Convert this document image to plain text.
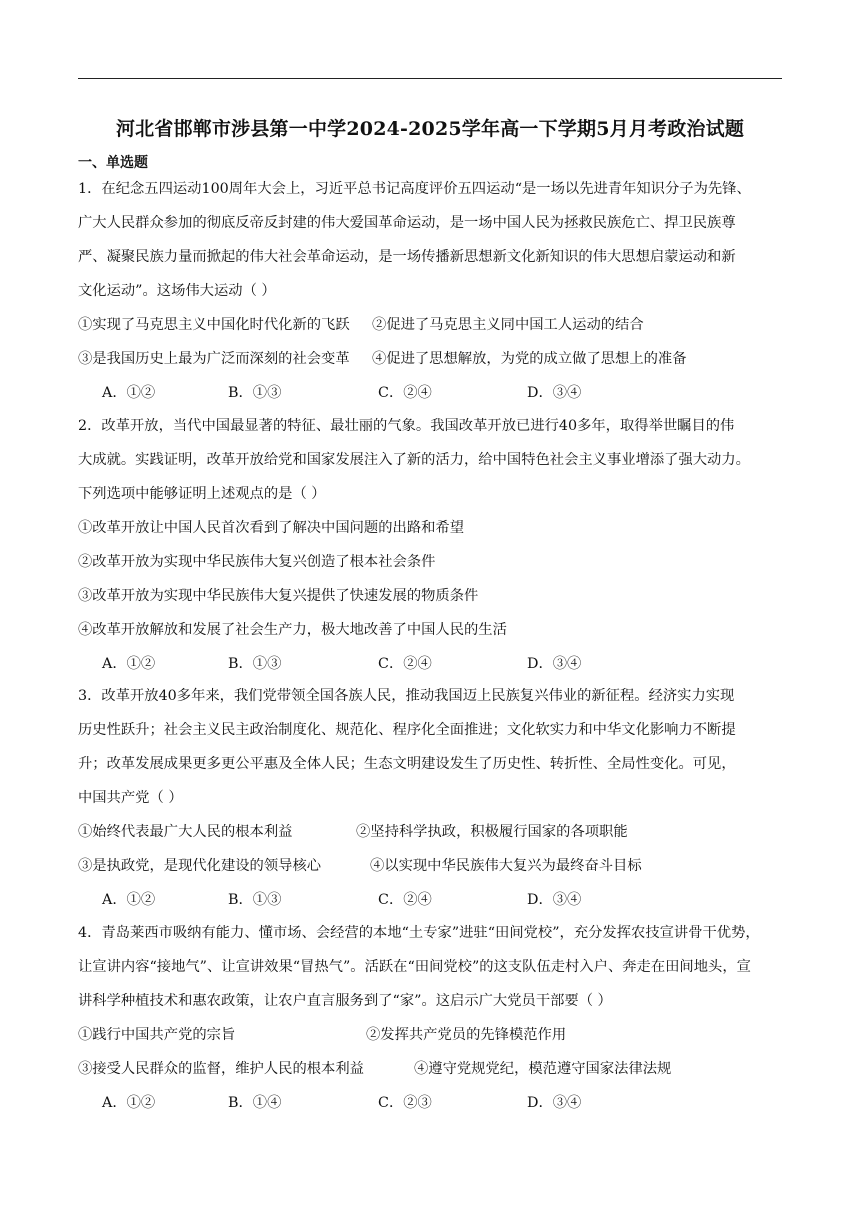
河北省邯郸市涉县第一中学2024-2025学年高一下学期5月月考政治试题
一、单选题
1．在纪念五四运动100周年大会上，习近平总书记高度评价五四运动“是一场以先进青年知识分子为先锋、
广大人民群众参加的彻底反帝反封建的伟大爱国革命运动，是一场中国人民为拯救民族危亡、捍卫民族尊
严、凝聚民族力量而掀起的伟大社会革命运动，是一场传播新思想新文化新知识的伟大思想启蒙运动和新
文化运动”。这场伟大运动（ ）
①实现了马克思主义中国化时代化新的飞跃 ②促进了马克思主义同中国工人运动的结合
③是我国历史上最为广泛而深刻的社会变革 ④促进了思想解放，为党的成立做了思想上的准备
A．①②	B．①③	C．②④	D．③④
2．改革开放，当代中国最显著的特征、最壮丽的气象。我国改革开放已进行40多年，取得举世瞩目的伟
大成就。实践证明，改革开放给党和国家发展注入了新的活力，给中国特色社会主义事业增添了强大动力。
下列选项中能够证明上述观点的是（ ）
①改革开放让中国人民首次看到了解决中国问题的出路和希望
②改革开放为实现中华民族伟大复兴创造了根本社会条件
③改革开放为实现中华民族伟大复兴提供了快速发展的物质条件
④改革开放解放和发展了社会生产力，极大地改善了中国人民的生活
A．①②	B．①③	C．②④	D．③④
3．改革开放40多年来，我们党带领全国各族人民，推动我国迈上民族复兴伟业的新征程。经济实力实现
历史性跃升；社会主义民主政治制度化、规范化、程序化全面推进；文化软实力和中华文化影响力不断提
升；改革发展成果更多更公平惠及全体人民；生态文明建设发生了历史性、转折性、全局性变化。可见，
中国共产党（ ）
①始终代表最广大人民的根本利益	②坚持科学执政，积极履行国家的各项职能
③是执政党，是现代化建设的领导核心	④以实现中华民族伟大复兴为最终奋斗目标
A．①②	B．①③	C．②④	D．③④
4．青岛莱西市吸纳有能力、懂市场、会经营的本地“土专家”进驻“田间党校”，充分发挥农技宣讲骨干优势，
让宣讲内容“接地气”、让宣讲效果“冒热气”。活跃在“田间党校”的这支队伍走村入户、奔走在田间地头，宣
讲科学种植技术和惠农政策，让农户直言服务到了“家”。这启示广大党员干部要（ ）
①践行中国共产党的宗旨	②发挥共产党员的先锋模范作用
③接受人民群众的监督，维护人民的根本利益	④遵守党规党纪，模范遵守国家法律法规
A．①②	B．①④	C．②③	D．③④
